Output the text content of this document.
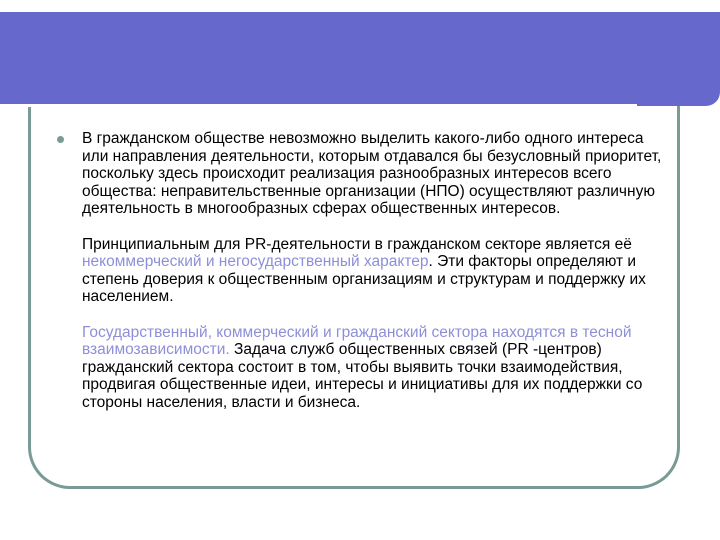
В гражданском обществе невозможно выделить какого-либо одного интереса или направления деятельности, которым отдавался бы безусловный приоритет, поскольку здесь происходит реализация разнообразных интересов всего общества: неправительственные организации (НПО) осуществляют различную деятельность в многообразных сферах общественных интересов.

Принципиальным для PR-деятельности в гражданском секторе является её некоммерческий и негосударственный характер. Эти факторы определяют и степень доверия к общественным организациям и структурам и поддержку их населением.

Государственный, коммерческий и гражданский сектора находятся в тесной взаимозависимости. Задача служб общественных связей (PR -центров) гражданский сектора состоит в том, чтобы выявить точки взаимодействия, продвигая общественные идеи, интересы и инициативы для их поддержки со стороны населения, власти и бизнеса.
